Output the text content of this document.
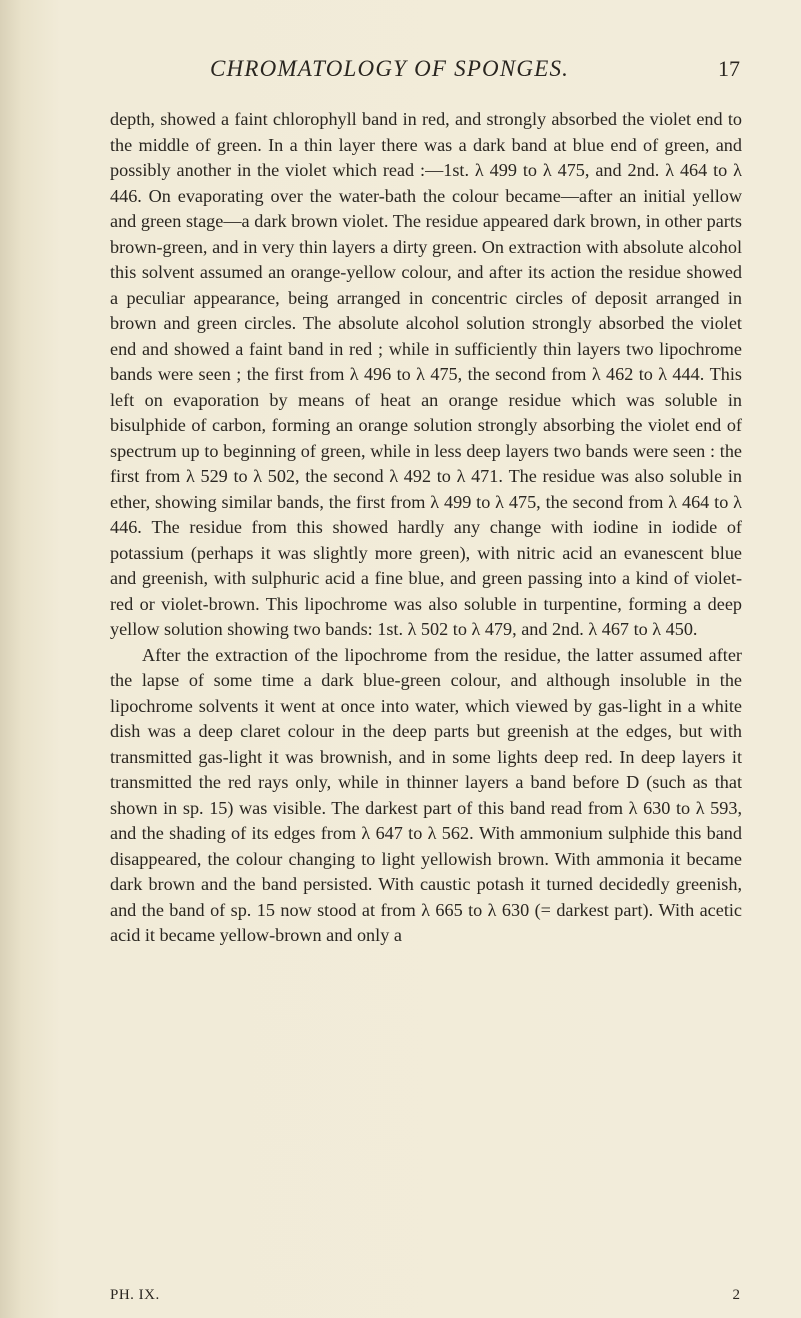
CHROMATOLOGY OF SPONGES.	17

depth, showed a faint chlorophyll band in red, and strongly absorbed the violet end to the middle of green. In a thin layer there was a dark band at blue end of green, and possibly another in the violet which read :—1st. λ 499 to λ 475, and 2nd. λ 464 to λ 446. On evaporating over the water-bath the colour became—after an initial yellow and green stage—a dark brown violet. The residue appeared dark brown, in other parts brown-green, and in very thin layers a dirty green. On extraction with absolute alcohol this solvent assumed an orange-yellow colour, and after its action the residue showed a peculiar appearance, being arranged in concentric circles of deposit arranged in brown and green circles. The absolute alcohol solution strongly absorbed the violet end and showed a faint band in red ; while in sufficiently thin layers two lipochrome bands were seen ; the first from λ 496 to λ 475, the second from λ 462 to λ 444. This left on evaporation by means of heat an orange residue which was soluble in bisulphide of carbon, forming an orange solution strongly absorbing the violet end of spectrum up to beginning of green, while in less deep layers two bands were seen : the first from λ 529 to λ 502, the second λ 492 to λ 471. The residue was also soluble in ether, showing similar bands, the first from λ 499 to λ 475, the second from λ 464 to λ 446. The residue from this showed hardly any change with iodine in iodide of potassium (perhaps it was slightly more green), with nitric acid an evanescent blue and greenish, with sulphuric acid a fine blue, and green passing into a kind of violet-red or violet-brown. This lipochrome was also soluble in turpentine, forming a deep yellow solution showing two bands: 1st. λ 502 to λ 479, and 2nd. λ 467 to λ 450.

After the extraction of the lipochrome from the residue, the latter assumed after the lapse of some time a dark blue-green colour, and although insoluble in the lipochrome solvents it went at once into water, which viewed by gas-light in a white dish was a deep claret colour in the deep parts but greenish at the edges, but with transmitted gas-light it was brownish, and in some lights deep red. In deep layers it transmitted the red rays only, while in thinner layers a band before D (such as that shown in sp. 15) was visible. The darkest part of this band read from λ 630 to λ 593, and the shading of its edges from λ 647 to λ 562. With ammonium sulphide this band disappeared, the colour changing to light yellowish brown. With ammonia it became dark brown and the band persisted. With caustic potash it turned decidedly greenish, and the band of sp. 15 now stood at from λ 665 to λ 630 (= darkest part). With acetic acid it became yellow-brown and only a

PH. IX.	2
